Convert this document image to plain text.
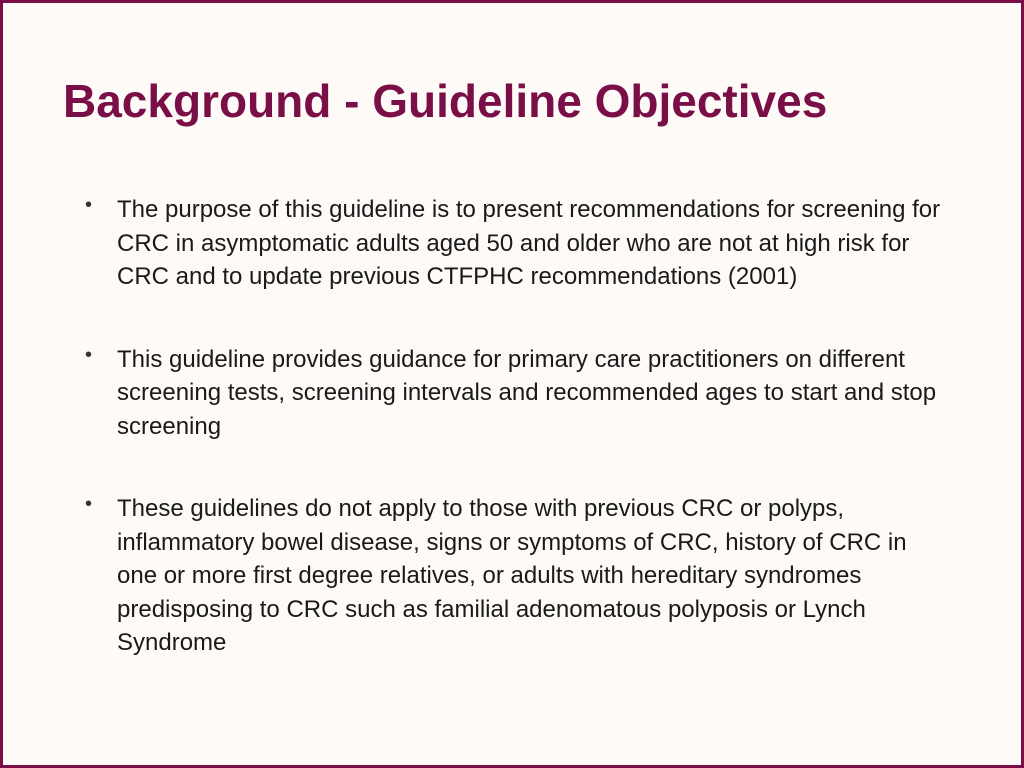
Background - Guideline Objectives
• The purpose of this guideline is to present recommendations for screening for CRC in asymptomatic adults aged 50 and older who are not at high risk for CRC and to update previous CTFPHC recommendations (2001)
• This guideline provides guidance for primary care practitioners on different screening tests, screening intervals and recommended ages to start and stop screening
• These guidelines do not apply to those with previous CRC or polyps, inflammatory bowel disease, signs or symptoms of CRC, history of CRC in one or more first degree relatives, or adults with hereditary syndromes predisposing to CRC such as familial adenomatous polyposis or Lynch Syndrome
